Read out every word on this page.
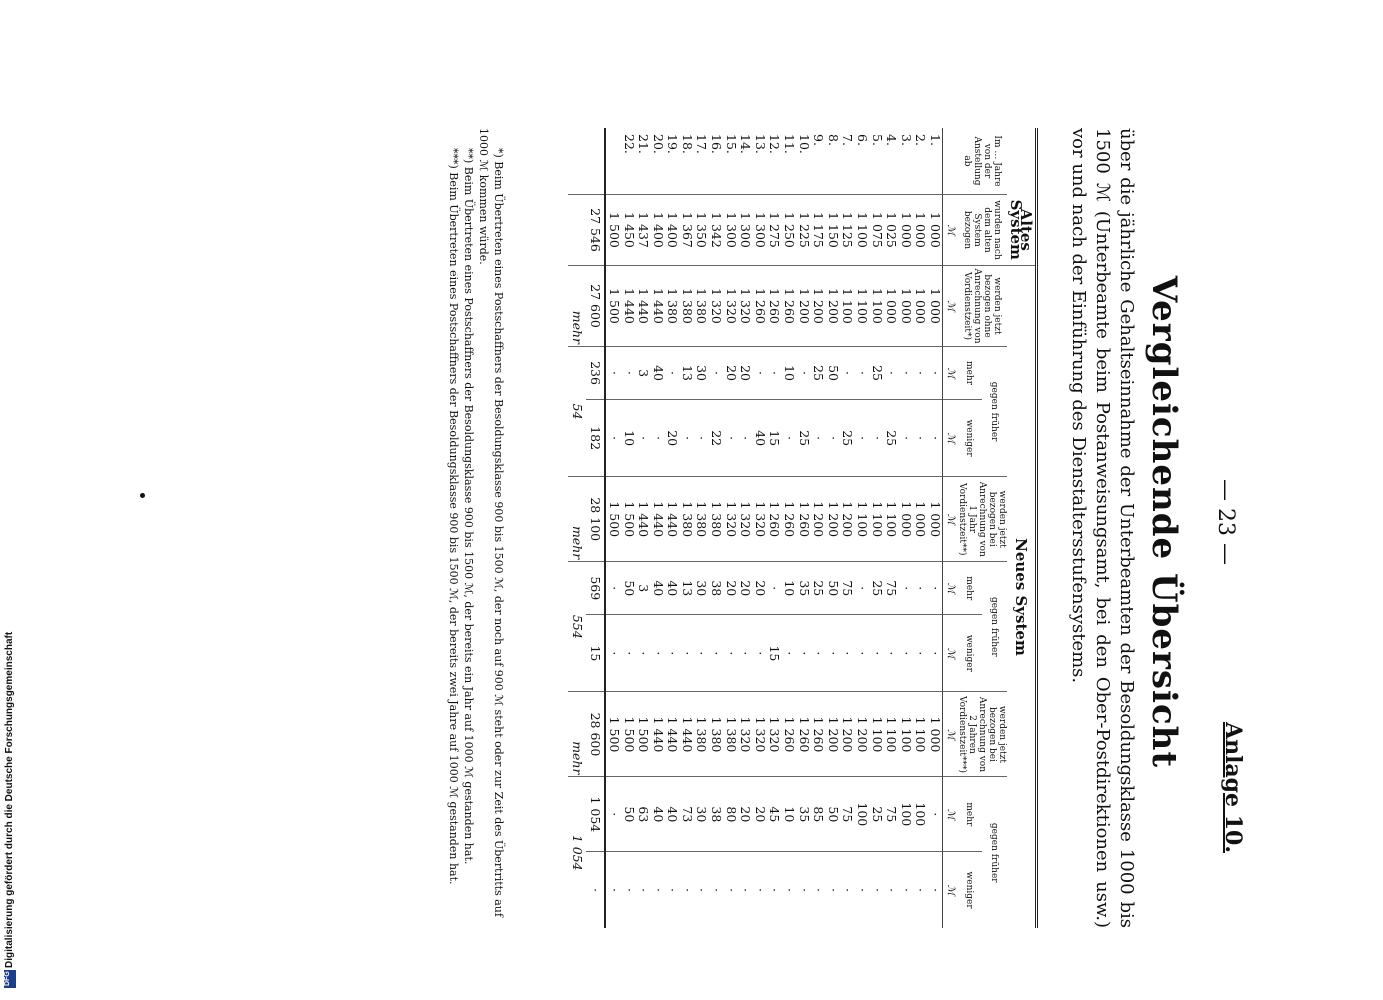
— 23 —
Anlage 10.
Vergleichende Übersicht
über die jährliche Gehaltseinnahme der Unterbeamten der Besoldungsklasse 1000 bis 1500 ℳ (Unterbeamte beim Postanweisungsamt, bei den Ober-Postdirektionen usw.) vor und nach der Einführung des Dienstaltersstufensystems.
	Altes System	Neues System								
Im … Jahre von der Anstellung ab	wurden nach dem alten System bezogen	werden jetzt bezogen ohne Anrechnung von Vordienstzeit*)	gegen früher		werden jetzt bezogen bei Anrechnung von 1 Jahr Vordienstzeit**)	gegen früher		werden jetzt bezogen bei Anrechnung von 2 Jahren Vordienstzeit***)	gegen früher	
			mehr	weniger		mehr	weniger		mehr	weniger
	ℳ	ℳ	ℳ	ℳ	ℳ	ℳ	ℳ	ℳ	ℳ	ℳ
1.	1 000	1 000	·	·	1 000	·	·	1 000	·	·
2.	1 000	1 000	·	·	1 000	·	·	1 100	100	·
3.	1 000	1 000	·	·	1 000	·	·	1 100	100	·
4.	1 025	1 000	·	25	1 100	75	·	1 100	75	·
5.	1 075	1 100	25	·	1 100	25	·	1 100	25	·
6.	1 100	1 100	·	·	1 100	·	·	1 200	100	·
7.	1 125	1 100	·	25	1 200	75	·	1 200	75	·
8.	1 150	1 200	50	·	1 200	50	·	1 200	50	·
9.	1 175	1 200	25	·	1 200	25	·	1 260	85	·
10.	1 225	1 200	·	25	1 260	35	·	1 260	35	·
11.	1 250	1 260	10	·	1 260	10	·	1 260	10	·
12.	1 275	1 260	·	15	1 260	·	15	1 320	45	·
13.	1 300	1 260	·	40	1 320	20	·	1 320	20	·
14.	1 300	1 320	20	·	1 320	20	·	1 320	20	·
15.	1 300	1 320	20	·	1 320	20	·	1 380	80	·
16.	1 342	1 320	·	22	1 380	38	·	1 380	38	·
17.	1 350	1 380	30	·	1 380	30	·	1 380	30	·
18.	1 367	1 380	13	·	1 380	13	·	1 440	73	·
19.	1 400	1 380	·	20	1 440	40	·	1 440	40	·
20.	1 400	1 440	40	·	1 440	40	·	1 440	40	·
21.	1 437	1 440	3	·	1 440	3	·	1 500	63	·
22.	1 450	1 440	·	10	1 500	50	·	1 500	50	·
	1 500	1 500	·	·	1 500	·	·	1 500	·	·
	27 546	27 600	236	182	28 100	569	15	28 600	1 054	·
		mehr	54		mehr	554		mehr	1 054	

*) Beim Übertreten eines Postschaffners der Besoldungsklasse 900 bis 1500 ℳ, der noch auf 900 ℳ steht oder zur Zeit des Übertritts auf 1000 ℳ kommen würde.

**) Beim Übertreten eines Postschaffners der Besoldungsklasse 900 bis 1500 ℳ, der bereits ein Jahr auf 1000 ℳ gestanden hat.

***) Beim Übertreten eines Postschaffners der Besoldungsklasse 900 bis 1500 ℳ, der bereits zwei Jahre auf 1000 ℳ gestanden hat.

Digitalisierung gefördert durch die Deutsche Forschungsgemeinschaft
DFG
